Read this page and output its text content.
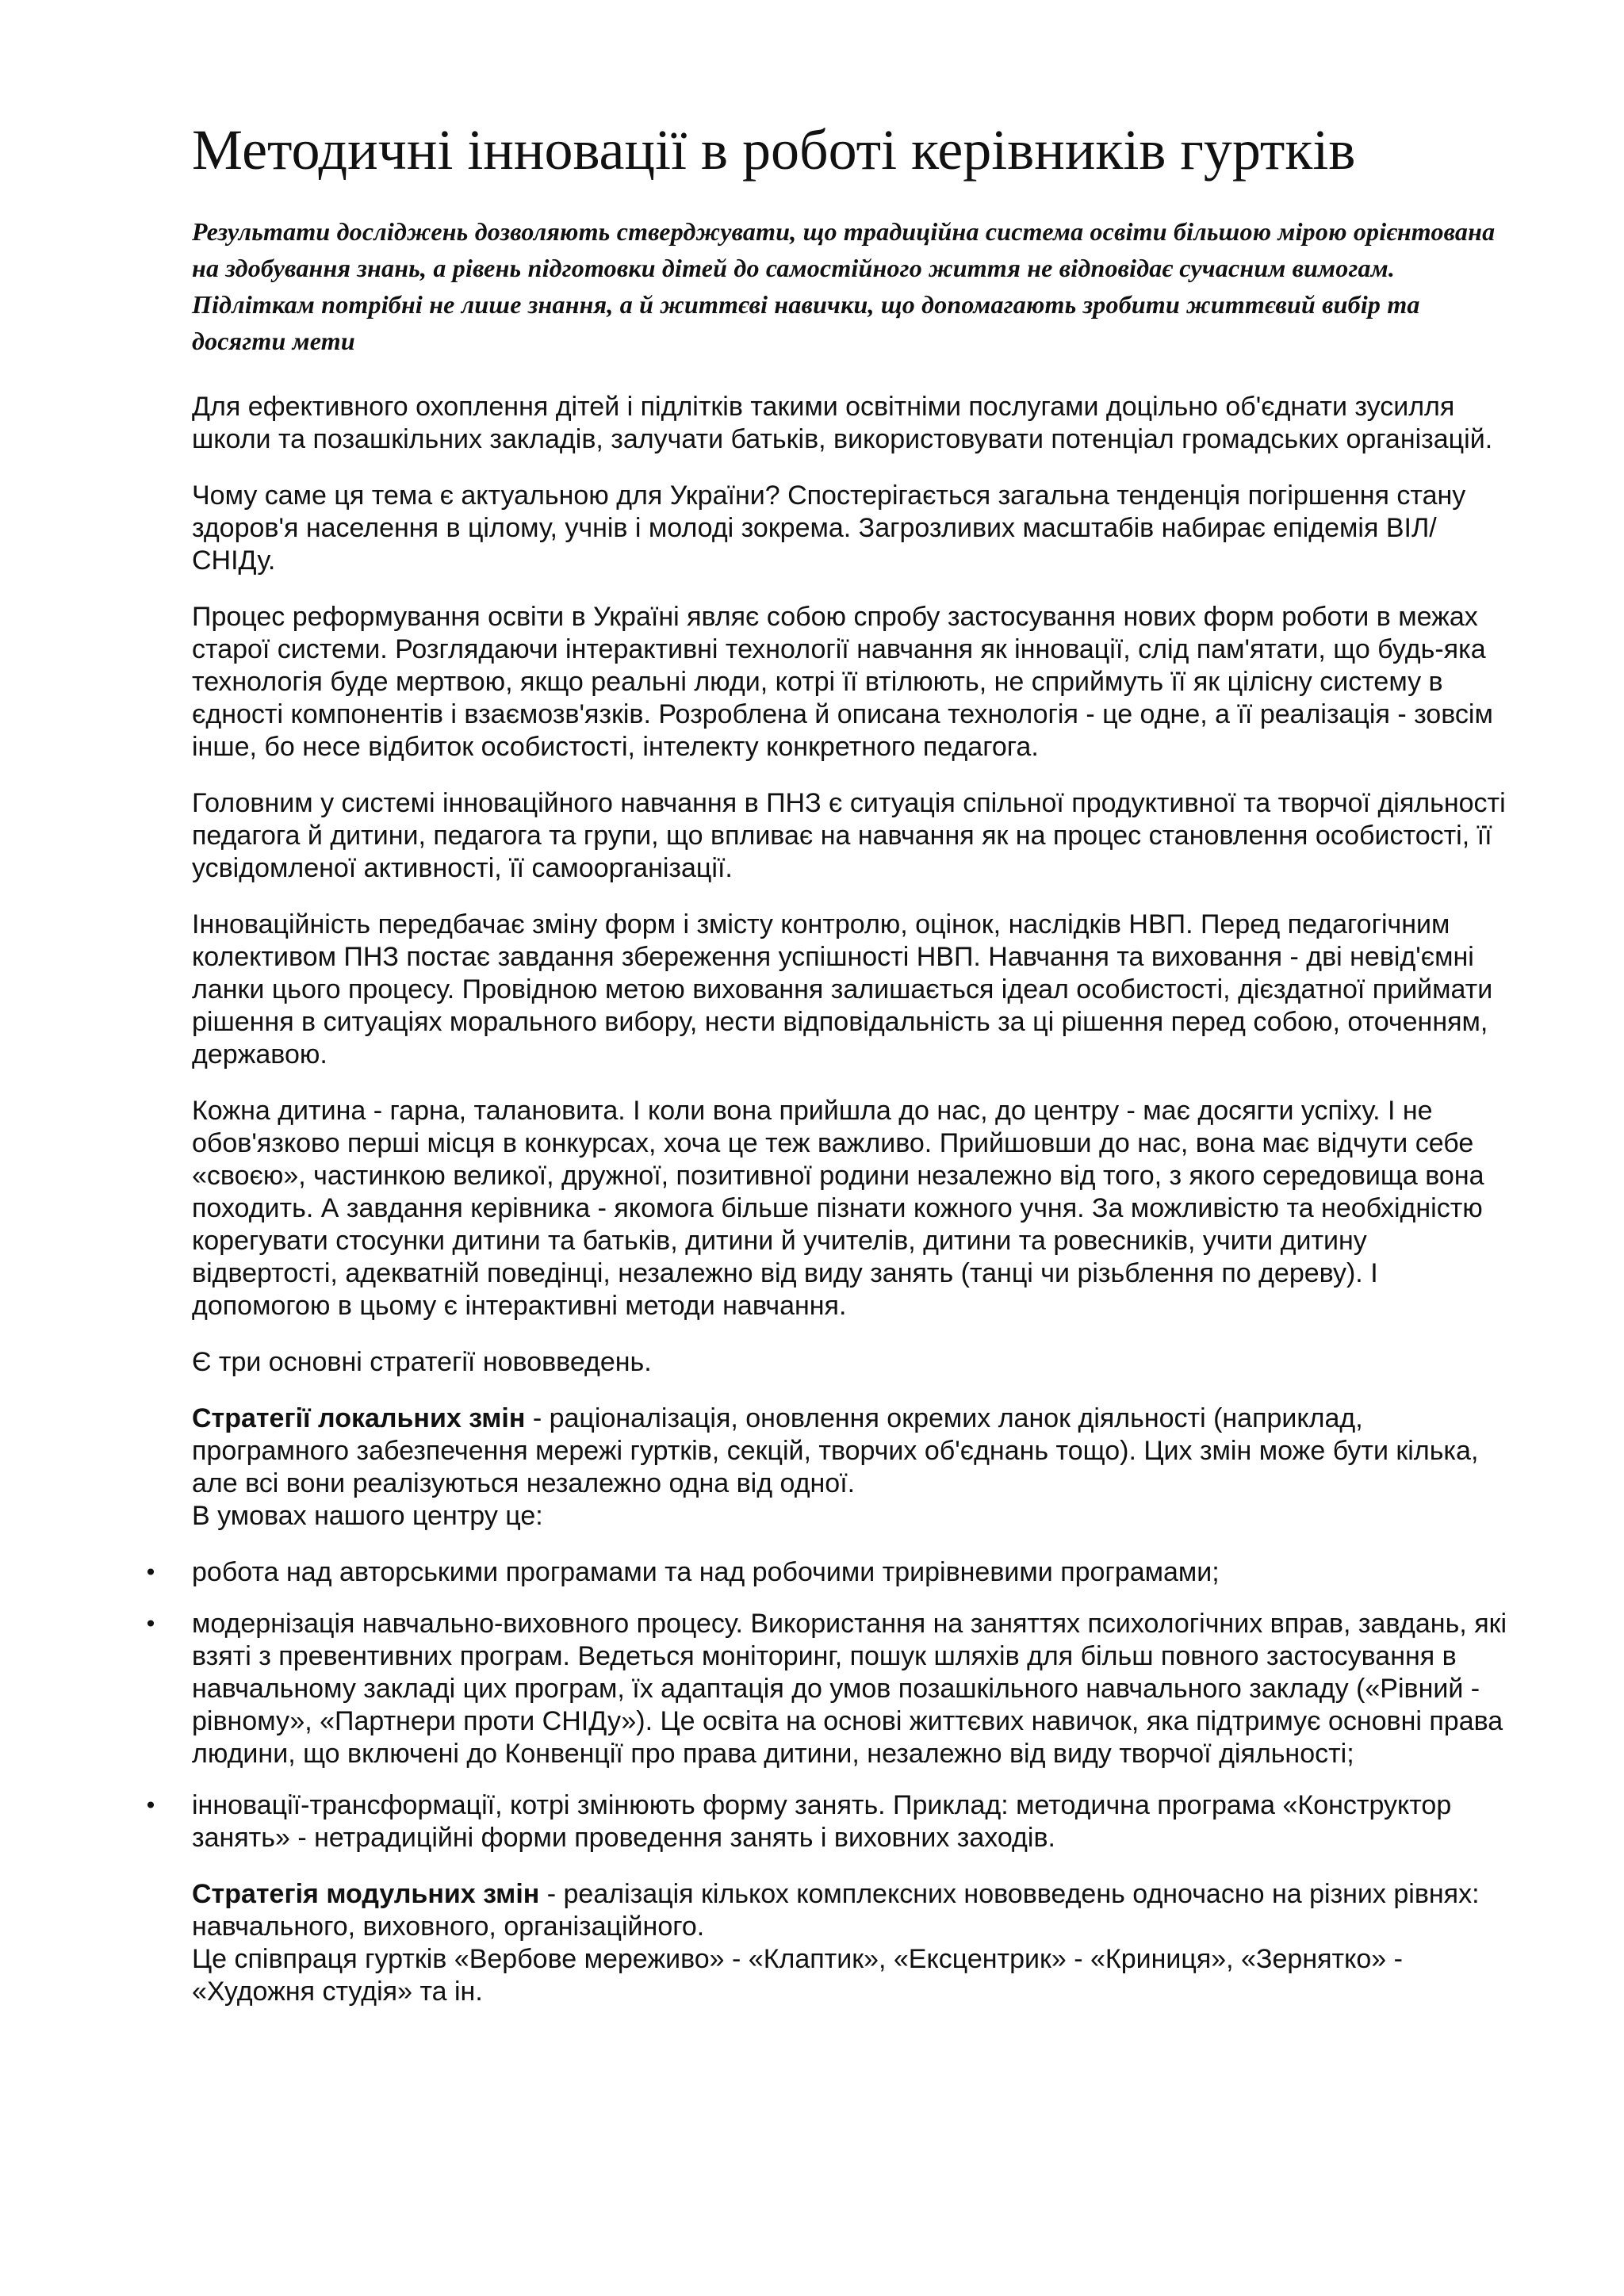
Методичні інновації в роботі керівників гуртків

Результати досліджень дозволяють стверджувати, що традиційна система освіти більшою мірою орієнтована на здобування знань, а рівень підготовки дітей до самостійного життя не відповідає сучасним вимогам. Підліткам потрібні не лише знання, а й життєві навички, що допомагають зробити життєвий вибір та досягти мети

Для ефективного охоплення дітей і підлітків такими освітніми послугами доцільно об'єднати зусилля школи та позашкільних закладів, залучати батьків, використовувати потенціал громадських організацій.

Чому саме ця тема є актуальною для України? Спостерігається загальна тенденція погіршення стану здоров'я населення в цілому, учнів і молоді зокрема. Загрозливих масштабів набирає епідемія ВІЛ/СНІДу.

Процес реформування освіти в Україні являє собою спробу застосування нових форм роботи в межах старої системи. Розглядаючи інтерактивні технології навчання як інновації, слід пам'ятати, що будь-яка технологія буде мертвою, якщо реальні люди, котрі її втілюють, не сприймуть її як цілісну систему в єдності компонентів і взаємозв'язків. Розроблена й описана технологія - це одне, а її реалізація - зовсім інше, бо несе відбиток особистості, інтелекту конкретного педагога.

Головним у системі інноваційного навчання в ПНЗ є ситуація спільної продуктивної та творчої діяльності педагога й дитини, педагога та групи, що впливає на навчання як на процес становлення особистості, її усвідомленої активності, її самоорганізації.

Інноваційність передбачає зміну форм і змісту контролю, оцінок, наслідків НВП. Перед педагогічним колективом ПНЗ постає завдання збереження успішності НВП. Навчання та виховання - дві невід'ємні ланки цього процесу. Провідною метою виховання залишається ідеал особистості, дієздатної приймати рішення в ситуаціях морального вибору, нести відповідальність за ці рішення перед собою, оточенням, державою.

Кожна дитина - гарна, талановита. І коли вона прийшла до нас, до центру - має досягти успіху. І не обов'язково перші місця в конкурсах, хоча це теж важливо. Прийшовши до нас, вона має відчути себе «своєю», частинкою великої, дружної, позитивної родини незалежно від того, з якого середовища вона походить. А завдання керівника - якомога більше пізнати кожного учня. За можливістю та необхідністю корегувати стосунки дитини та батьків, дитини й учителів, дитини та ровесників, учити дитину відвертості, адекватній поведінці, незалежно від виду занять (танці чи різьблення по дереву). І допомогою в цьому є інтерактивні методи навчання.

Є три основні стратегії нововведень.

Стратегії локальних змін - раціоналізація, оновлення окремих ланок діяльності (наприклад, програмного забезпечення мережі гуртків, секцій, творчих об'єднань тощо). Цих змін може бути кілька, але всі вони реалізуються незалежно одна від одної.
В умовах нашого центру це:

• робота над авторськими програмами та над робочими трирівневими програмами;
• модернізація навчально-виховного процесу. Використання на заняттях психологічних вправ, завдань, які взяті з превентивних програм. Ведеться моніторинг, пошук шляхів для більш повного застосування в навчальному закладі цих програм, їх адаптація до умов позашкільного навчального закладу («Рівний - рівному», «Партнери проти СНІДу»). Це освіта на основі життєвих навичок, яка підтримує основні права людини, що включені до Конвенції про права дитини, незалежно від виду творчої діяльності;
• інновації-трансформації, котрі змінюють форму занять. Приклад: методична програма «Конструктор занять» - нетрадиційні форми проведення занять і виховних заходів.

Стратегія модульних змін - реалізація кількох комплексних нововведень одночасно на різних рівнях: навчального, виховного, організаційного.
Це співпраця гуртків «Вербове мереживо» - «Клаптик», «Ексцентрик» - «Криниця», «Зернятко» - «Художня студія» та ін.
